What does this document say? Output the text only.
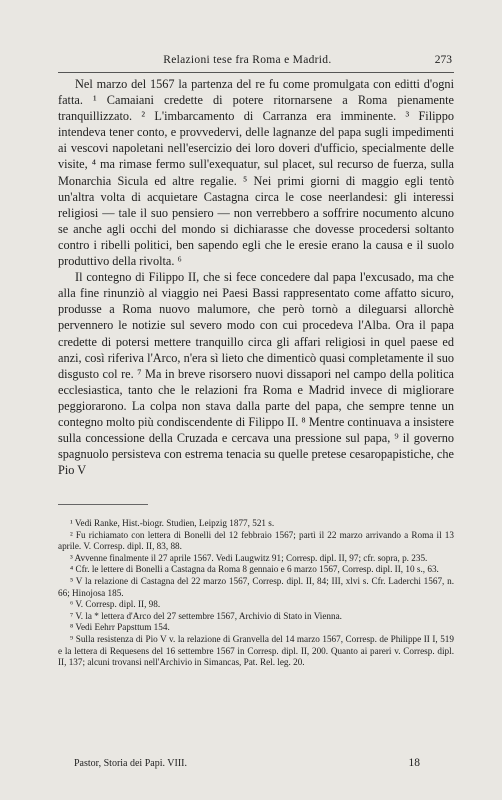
Relazioni tese fra Roma e Madrid.	273

Nel marzo del 1567 la partenza del re fu come promulgata con editti d'ogni fatta. ¹ Camaiani credette di potere ritornarsene a Roma pienamente tranquillizzato. ² L'imbarcamento di Carranza era imminente. ³ Filippo intendeva tener conto, e provvedervi, delle lagnanze del papa sugli impedimenti ai vescovi napoletani nell'esercizio dei loro doveri d'ufficio, specialmente delle visite, ⁴ ma rimase fermo sull'exequatur, sul placet, sul recurso de fuerza, sulla Monarchia Sicula ed altre regalie. ⁵ Nei primi giorni di maggio egli tentò un'altra volta di acquietare Castagna circa le cose neerlandesi: gli interessi religiosi — tale il suo pensiero — non verrebbero a soffrire nocumento alcuno se anche agli occhi del mondo si dichiarasse che dovesse procedersi soltanto contro i ribelli politici, ben sapendo egli che le eresie erano la causa e il suolo produttivo della rivolta. ⁶

Il contegno di Filippo II, che si fece concedere dal papa l'excusado, ma che alla fine rinunziò al viaggio nei Paesi Bassi rappresentato come affatto sicuro, produsse a Roma nuovo malumore, che però tornò a dileguarsi allorchè pervennero le notizie sul severo modo con cui procedeva l'Alba. Ora il papa credette di potersi mettere tranquillo circa gli affari religiosi in quel paese ed anzi, così riferiva l'Arco, n'era sì lieto che dimenticò quasi completamente il suo disgusto col re. ⁷ Ma in breve risorsero nuovi dissapori nel campo della politica ecclesiastica, tanto che le relazioni fra Roma e Madrid invece di migliorare peggiorarono. La colpa non stava dalla parte del papa, che sempre tenne un contegno molto più condiscendente di Filippo II. ⁸ Mentre continuava a insistere sulla concessione della Cruzada e cercava una pressione sul papa, ⁹ il governo spagnuolo persisteva con estrema tenacia su quelle pretese cesaropapistiche, che Pio V

¹ Vedi Ranke, Hist.-biogr. Studien, Leipzig 1877, 521 s.

² Fu richiamato con lettera di Bonelli del 12 febbraio 1567; partì il 22 marzo arrivando a Roma il 13 aprile. V. Corresp. dipl. II, 83, 88.

³ Avvenne finalmente il 27 aprile 1567. Vedi Laugwitz 91; Corresp. dipl. II, 97; cfr. sopra, p. 235.

⁴ Cfr. le lettere di Bonelli a Castagna da Roma 8 gennaio e 6 marzo 1567, Corresp. dipl. II, 10 s., 63.

⁵ V la relazione di Castagna del 22 marzo 1567, Corresp. dipl. II, 84; III, xlvi s. Cfr. Laderchi 1567, n. 66; Hinojosa 185.

⁶ V. Corresp. dipl. II, 98.

⁷ V. la * lettera d'Arco del 27 settembre 1567, Archivio di Stato in Vienna.

⁸ Vedi Eehrr Papsttum 154.

⁹ Sulla resistenza di Pio V v. la relazione di Granvella del 14 marzo 1567, Corresp. de Philippe II I, 519 e la lettera di Requesens del 16 settembre 1567 in Corresp. dipl. II, 200. Quanto ai pareri v. Corresp. dipl. II, 137; alcuni trovansi nell'Archivio in Simancas, Pat. Rel. leg. 20.

Pastor, Storia dei Papi. VIII.	18
